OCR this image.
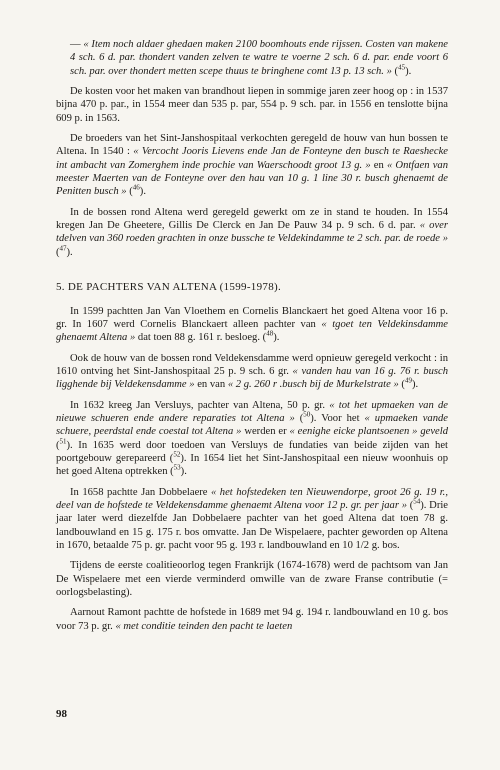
— « Item noch aldaer ghedaen maken 2100 boomhouts ende rijssen. Costen van makene 4 sch. 6 d. par. thondert vanden zelven te watre te voerne 2 sch. 6 d. par. ende voort 6 sch. par. over thondert metten scepe thuus te bringhene comt 13 p. 13 sch. » ($^{45}$).

De kosten voor het maken van brandhout liepen in sommige jaren zeer hoog op : in 1537 bijna 470 p. par., in 1554 meer dan 535 p. par, 554 p. 9 sch. par. in 1556 en tenslotte bijna 609 p. in 1563.

De broeders van het Sint-Janshospitaal verkochten geregeld de houw van hun bossen te Altena. In 1540 : « Vercocht Jooris Lievens ende Jan de Fonteyne den busch te Raeshecke int ambacht van Zomerghem inde prochie van Waerschoodt groot 13 g. » en « Ontfaen van meester Maerten van de Fonteyne over den hau van 10 g. 1 line 30 r. busch ghenaemt de Penitten busch » ($^{46}$).

In de bossen rond Altena werd geregeld gewerkt om ze in stand te houden. In 1554 kregen Jan De Gheetere, Gillis De Clerck en Jan De Pauw 34 p. 9 sch. 6 d. par. « over tdelven van 360 roeden grachten in onze bussche te Veldekindamme te 2 sch. par. de roede » ($^{47}$).

5. DE PACHTERS VAN ALTENA (1599-1978).

In 1599 pachtten Jan Van Vloethem en Cornelis Blanckaert het goed Altena voor 16 p. gr. In 1607 werd Cornelis Blanckaert alleen pachter van « tgoet ten Veldekinsdamme ghenaemt Altena » dat toen 88 g. 161 r. besloeg. ($^{48}$).

Ook de houw van de bossen rond Veldekensdamme werd opnieuw geregeld verkocht : in 1610 ontving het Sint-Janshospitaal 25 p. 9 sch. 6 gr. « vanden hau van 16 g. 76 r. busch ligghende bij Veldekensdamme » en van « 2 g. 260 r .busch bij de Murkelstrate » ($^{49}$).

In 1632 kreeg Jan Versluys, pachter van Altena, 50 p. gr. « tot het upmaeken van de nieuwe schueren ende andere reparaties tot Altena » ($^{50}$). Voor het « upmaeken vande schuere, peerdstal ende coestal tot Altena » werden er « eenighe eicke plantsoenen » geveld ($^{51}$). In 1635 werd door toedoen van Versluys de fundaties van beide zijden van het poortgebouw gerepareerd ($^{52}$). In 1654 liet het Sint-Janshospitaal een nieuw woonhuis op het goed Altena optrekken ($^{53}$).

In 1658 pachtte Jan Dobbelaere « het hofstedeken ten Nieuwendorpe, groot 26 g. 19 r., deel van de hofstede te Veldekensdamme ghenaemt Altena voor 12 p. gr. per jaar » ($^{54}$). Drie jaar later werd diezelfde Jan Dobbelaere pachter van het goed Altena dat toen 78 g. landbouwland en 15 g. 175 r. bos omvatte. Jan De Wispelaere, pachter geworden op Altena in 1670, betaalde 75 p. gr. pacht voor 95 g. 193 r. landbouwland en 10 1/2 g. bos.

Tijdens de eerste coalitieoorlog tegen Frankrijk (1674-1678) werd de pachtsom van Jan De Wispelaere met een vierde verminderd omwille van de zware Franse contributie (= oorlogsbelasting).

Aarnout Ramont pachtte de hofstede in 1689 met 94 g. 194 r. landbouwland en 10 g. bos voor 73 p. gr. « met conditie teinden den pacht te laeten

98
